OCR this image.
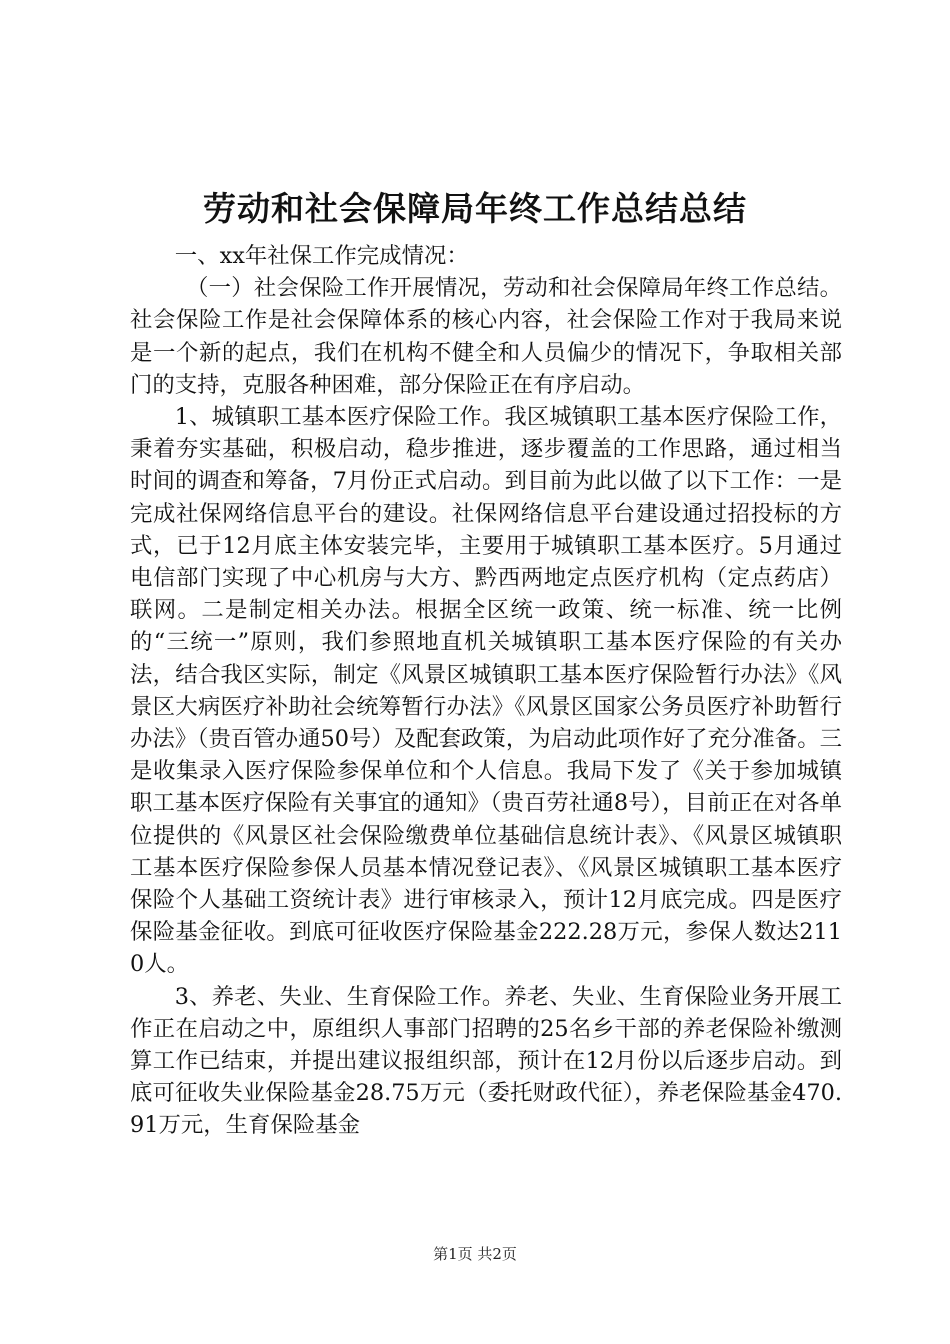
劳动和社会保障局年终工作总结总结

一、xx年社保工作完成情况：

（一）社会保险工作开展情况，劳动和社会保障局年终工作总结。社会保险工作是社会保障体系的核心内容，社会保险工作对于我局来说是一个新的起点，我们在机构不健全和人员偏少的情况下，争取相关部门的支持，克服各种困难，部分保险正在有序启动。

1、城镇职工基本医疗保险工作。我区城镇职工基本医疗保险工作，秉着夯实基础，积极启动，稳步推进，逐步覆盖的工作思路，通过相当时间的调查和筹备，7月份正式启动。到目前为此以做了以下工作：一是完成社保网络信息平台的建设。社保网络信息平台建设通过招投标的方式，已于12月底主体安装完毕，主要用于城镇职工基本医疗。5月通过电信部门实现了中心机房与大方、黔西两地定点医疗机构（定点药店）联网。二是制定相关办法。根据全区统一政策、统一标准、统一比例的“三统一”原则，我们参照地直机关城镇职工基本医疗保险的有关办法，结合我区实际，制定《风景区城镇职工基本医疗保险暂行办法》《风景区大病医疗补助社会统筹暂行办法》《风景区国家公务员医疗补助暂行办法》（贵百管办通50号）及配套政策，为启动此项作好了充分准备。三是收集录入医疗保险参保单位和个人信息。我局下发了《关于参加城镇职工基本医疗保险有关事宜的通知》（贵百劳社通8号），目前正在对各单位提供的《风景区社会保险缴费单位基础信息统计表》、《风景区城镇职工基本医疗保险参保人员基本情况登记表》、《风景区城镇职工基本医疗保险个人基础工资统计表》进行审核录入，预计12月底完成。四是医疗保险基金征收。到底可征收医疗保险基金222.28万元，参保人数达2110人。

3、养老、失业、生育保险工作。养老、失业、生育保险业务开展工作正在启动之中，原组织人事部门招聘的25名乡干部的养老保险补缴测算工作已结束，并提出建议报组织部，预计在12月份以后逐步启动。到底可征收失业保险基金28.75万元（委托财政代征），养老保险基金470.91万元，生育保险基金

第1页 共2页
